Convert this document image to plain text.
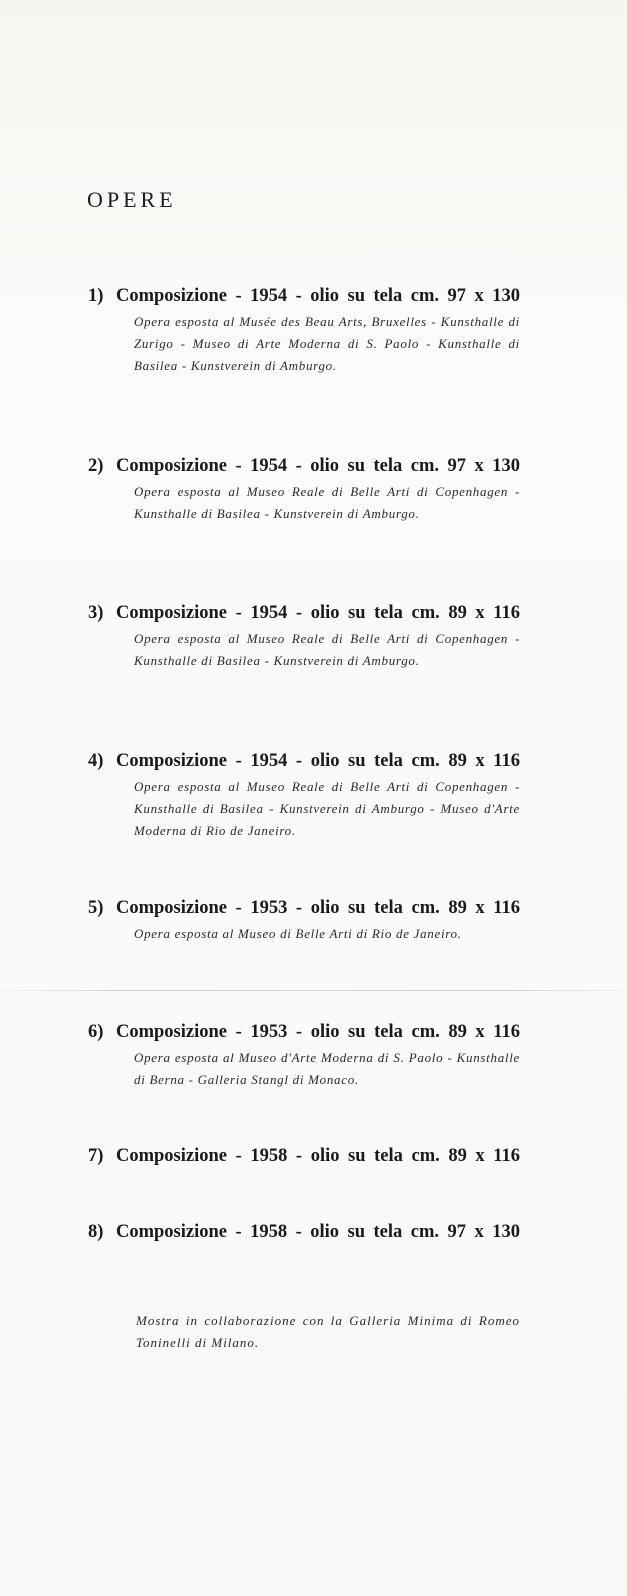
OPERE
1) Composizione - 1954 - olio su tela cm. 97 x 130
Opera esposta al Musée des Beau Arts, Bruxelles - Kunsthalle di Zurigo - Museo di Arte Moderna di S. Paolo - Kunsthalle di Basilea - Kunstverein di Amburgo.
2) Composizione - 1954 - olio su tela cm. 97 x 130
Opera esposta al Museo Reale di Belle Arti di Copenhagen - Kunsthalle di Basilea - Kunstverein di Amburgo.
3) Composizione - 1954 - olio su tela cm. 89 x 116
Opera esposta al Museo Reale di Belle Arti di Copenhagen - Kunsthalle di Basilea - Kunstverein di Amburgo.
4) Composizione - 1954 - olio su tela cm. 89 x 116
Opera esposta al Museo Reale di Belle Arti di Copenhagen - Kunsthalle di Basilea - Kunstverein di Amburgo - Museo d'Arte Moderna di Rio de Janeiro.
5) Composizione - 1953 - olio su tela cm. 89 x 116
Opera esposta al Museo di Belle Arti di Rio de Janeiro.
6) Composizione - 1953 - olio su tela cm. 89 x 116
Opera esposta al Museo d'Arte Moderna di S. Paolo - Kunsthalle di Berna - Galleria Stangl di Monaco.
7) Composizione - 1958 - olio su tela cm. 89 x 116
8) Composizione - 1958 - olio su tela cm. 97 x 130

Mostra in collaborazione con la Galleria Minima di Romeo Toninelli di Milano.
